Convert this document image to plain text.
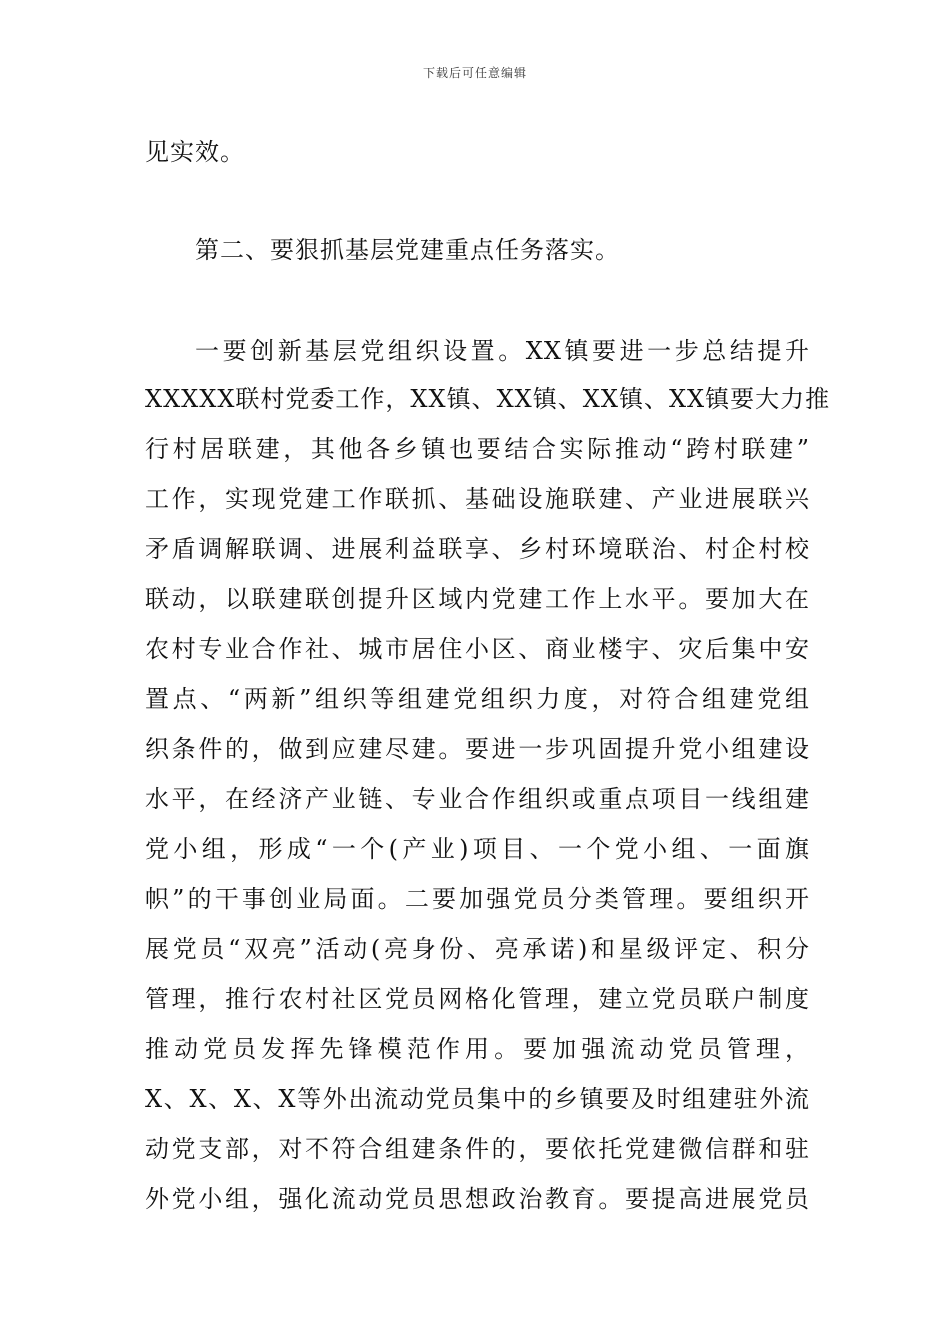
下载后可任意编辑
见实效。
第二、要狠抓基层党建重点任务落实。
一要创新基层党组织设置。XX镇要进一步总结提升
XXXXX联村党委工作，XX镇、XX镇、XX镇、XX镇要大力推
行村居联建，其他各乡镇也要结合实际推动“跨村联建”
工作，实现党建工作联抓、基础设施联建、产业进展联兴
矛盾调解联调、进展利益联享、乡村环境联治、村企村校
联动，以联建联创提升区域内党建工作上水平。要加大在
农村专业合作社、城市居住小区、商业楼宇、灾后集中安
置点、“两新”组织等组建党组织力度，对符合组建党组
织条件的，做到应建尽建。要进一步巩固提升党小组建设
水平，在经济产业链、专业合作组织或重点项目一线组建
党小组，形成“一个(产业)项目、一个党小组、一面旗
帜”的干事创业局面。二要加强党员分类管理。要组织开
展党员“双亮”活动(亮身份、亮承诺)和星级评定、积分
管理，推行农村社区党员网格化管理，建立党员联户制度
推动党员发挥先锋模范作用。要加强流动党员管理，
X、X、X、X等外出流动党员集中的乡镇要及时组建驻外流
动党支部，对不符合组建条件的，要依托党建微信群和驻
外党小组，强化流动党员思想政治教育。要提高进展党员
